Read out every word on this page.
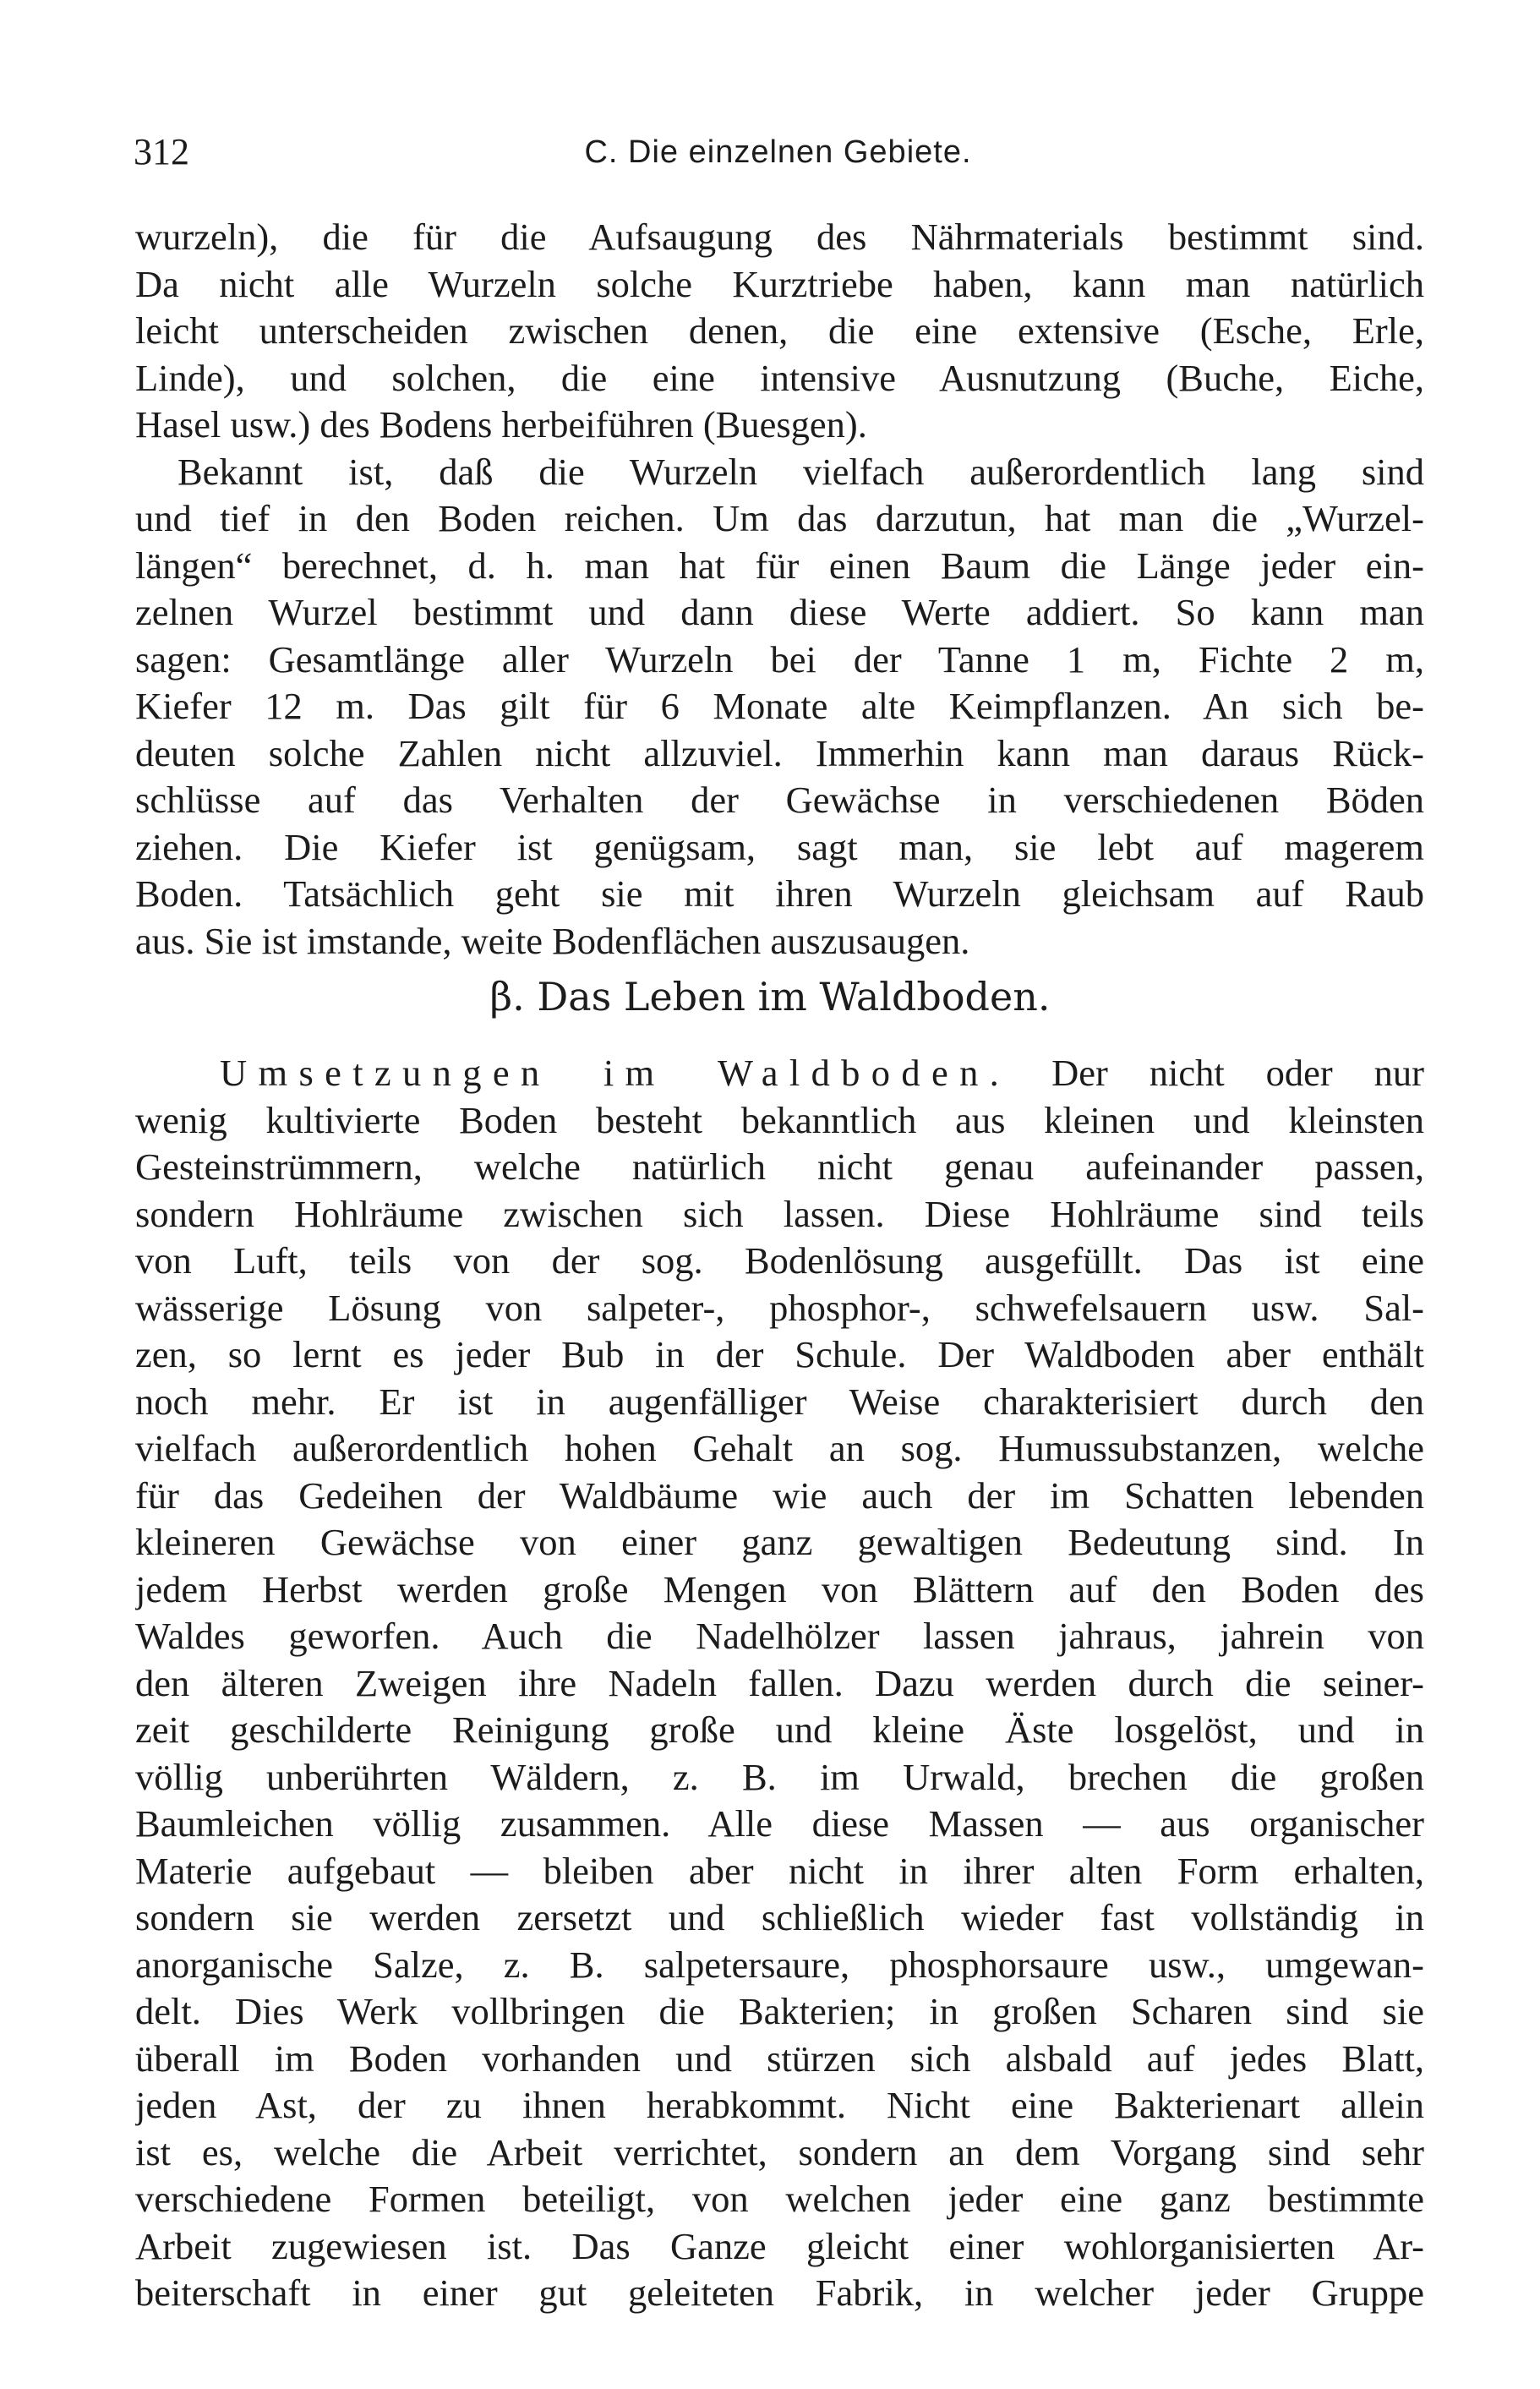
312	C. Die einzelnen Gebiete.
wurzeln), die für die Aufsaugung des Nährmaterials bestimmt sind.
Da nicht alle Wurzeln solche Kurztriebe haben, kann man natürlich
leicht unterscheiden zwischen denen, die eine extensive (Esche, Erle,
Linde), und solchen, die eine intensive Ausnutzung (Buche, Eiche,
Hasel usw.) des Bodens herbeiführen (Buesgen).
Bekannt ist, daß die Wurzeln vielfach außerordentlich lang sind
und tief in den Boden reichen. Um das darzutun, hat man die „Wurzel-
längen“ berechnet, d. h. man hat für einen Baum die Länge jeder ein-
zelnen Wurzel bestimmt und dann diese Werte addiert. So kann man
sagen: Gesamtlänge aller Wurzeln bei der Tanne 1 m, Fichte 2 m,
Kiefer 12 m. Das gilt für 6 Monate alte Keimpflanzen. An sich be-
deuten solche Zahlen nicht allzuviel. Immerhin kann man daraus Rück-
schlüsse auf das Verhalten der Gewächse in verschiedenen Böden
ziehen. Die Kiefer ist genügsam, sagt man, sie lebt auf magerem
Boden. Tatsächlich geht sie mit ihren Wurzeln gleichsam auf Raub
aus. Sie ist imstande, weite Bodenflächen auszusaugen.
β. Das Leben im Waldboden.
Umsetzungen im Waldboden. Der nicht oder nur
wenig kultivierte Boden besteht bekanntlich aus kleinen und kleinsten
Gesteinstrümmern, welche natürlich nicht genau aufeinander passen,
sondern Hohlräume zwischen sich lassen. Diese Hohlräume sind teils
von Luft, teils von der sog. Bodenlösung ausgefüllt. Das ist eine
wässerige Lösung von salpeter-, phosphor-, schwefelsauern usw. Sal-
zen, so lernt es jeder Bub in der Schule. Der Waldboden aber enthält
noch mehr. Er ist in augenfälliger Weise charakterisiert durch den
vielfach außerordentlich hohen Gehalt an sog. Humussubstanzen, welche
für das Gedeihen der Waldbäume wie auch der im Schatten lebenden
kleineren Gewächse von einer ganz gewaltigen Bedeutung sind. In
jedem Herbst werden große Mengen von Blättern auf den Boden des
Waldes geworfen. Auch die Nadelhölzer lassen jahraus, jahrein von
den älteren Zweigen ihre Nadeln fallen. Dazu werden durch die seiner-
zeit geschilderte Reinigung große und kleine Äste losgelöst, und in
völlig unberührten Wäldern, z. B. im Urwald, brechen die großen
Baumleichen völlig zusammen. Alle diese Massen — aus organischer
Materie aufgebaut — bleiben aber nicht in ihrer alten Form erhalten,
sondern sie werden zersetzt und schließlich wieder fast vollständig in
anorganische Salze, z. B. salpetersaure, phosphorsaure usw., umgewan-
delt. Dies Werk vollbringen die Bakterien; in großen Scharen sind sie
überall im Boden vorhanden und stürzen sich alsbald auf jedes Blatt,
jeden Ast, der zu ihnen herabkommt. Nicht eine Bakterienart allein
ist es, welche die Arbeit verrichtet, sondern an dem Vorgang sind sehr
verschiedene Formen beteiligt, von welchen jeder eine ganz bestimmte
Arbeit zugewiesen ist. Das Ganze gleicht einer wohlorganisierten Ar-
beiterschaft in einer gut geleiteten Fabrik, in welcher jeder Gruppe
